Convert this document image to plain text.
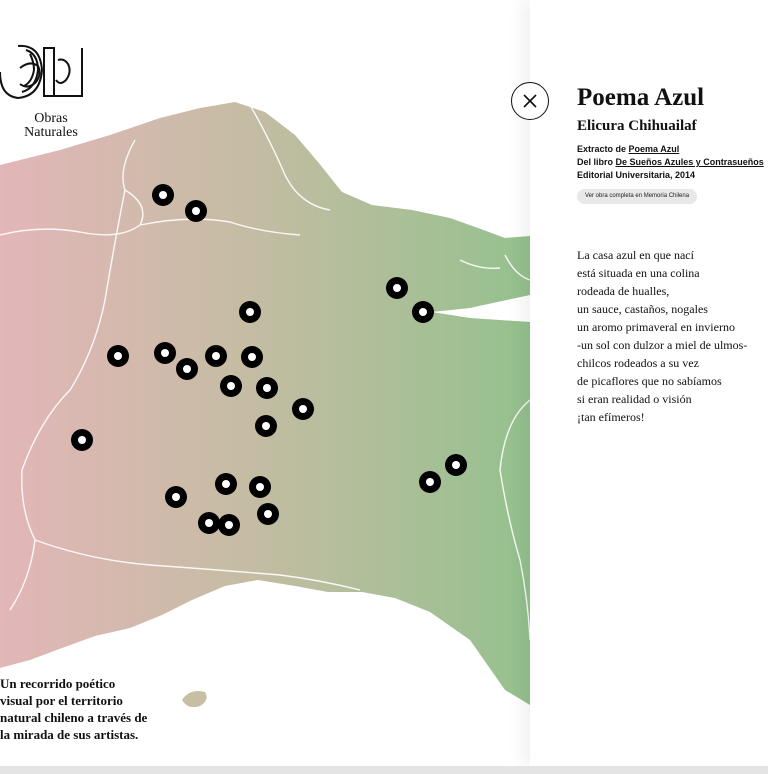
Obras
Naturales
Un recorrido poético
visual por el territorio
natural chileno a través de
la mirada de sus artistas.
Poema Azul
Elicura Chihuailaf
Extracto de Poema Azul
Del libro De Sueños Azules y Contrasueños
Editorial Universitaria, 2014
Ver obra completa en Memoria Chilena
La casa azul en que nací
está situada en una colina
rodeada de hualles,
un sauce, castaños, nogales
un aromo primaveral en invierno
-un sol con dulzor a miel de ulmos-
chilcos rodeados a su vez
de picaflores que no sabíamos
si eran realidad o visión
¡tan efímeros!
